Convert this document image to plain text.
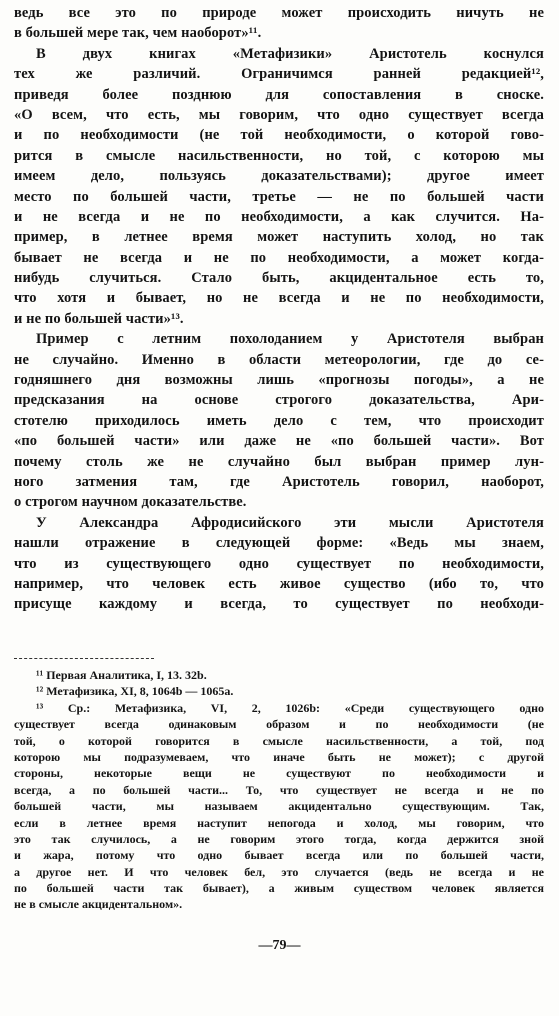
ведь все это по природе может происходить ничуть не
в большей мере так, чем наоборот»¹¹.
В двух книгах «Метафизики» Аристотель коснулся
тех же различий. Ограничимся ранней редакцией¹²,
приведя более позднюю для сопоставления в сноске.
«О всем, что есть, мы говорим, что одно существует всегда
и по необходимости (не той необходимости, о которой гово-
рится в смысле насильственности, но той, с которою мы
имеем дело, пользуясь доказательствами); другое имеет
место по большей части, третье — не по большей части
и не всегда и не по необходимости, а как случится. На-
пример, в летнее время может наступить холод, но так
бывает не всегда и не по необходимости, а может когда-
нибудь случиться. Стало быть, акцидентальное есть то,
что хотя и бывает, но не всегда и не по необходимости,
и не по большей части»¹³.
Пример с летним похолоданием у Аристотеля выбран
не случайно. Именно в области метеорологии, где до се-
годняшнего дня возможны лишь «прогнозы погоды», а не
предсказания на основе строгого доказательства, Ари-
стотелю приходилось иметь дело с тем, что происходит
«по большей части» или даже не «по большей части». Вот
почему столь же не случайно был выбран пример лун-
ного затмения там, где Аристотель говорил, наоборот,
о строгом научном доказательстве.
У Александра Афродисийского эти мысли Аристотеля
нашли отражение в следующей форме: «Ведь мы знаем,
что из существующего одно существует по необходимости,
например, что человек есть живое существо (ибо то, что
присуще каждому и всегда, то существует по необходи-
¹¹ Первая Аналитика, I, 13. 32b.
¹² Метафизика, XI, 8, 1064b — 1065a.
¹³ Ср.: Метафизика, VI, 2, 1026b: «Среди существующего одно
существует всегда одинаковым образом и по необходимости (не
той, о которой говорится в смысле насильственности, а той, под
которою мы подразумеваем, что иначе быть не может); с другой
стороны, некоторые вещи не существуют по необходимости и
всегда, а по большей части... То, что существует не всегда и не по
большей части, мы называем акцидентально существующим. Так,
если в летнее время наступит непогода и холод, мы говорим, что
это так случилось, а не говорим этого тогда, когда держится зной
и жара, потому что одно бывает всегда или по большей части,
а другое нет. И что человек бел, это случается (ведь не всегда и не
по большей части так бывает), а живым существом человек является
не в смысле акцидентальном».
—79—
